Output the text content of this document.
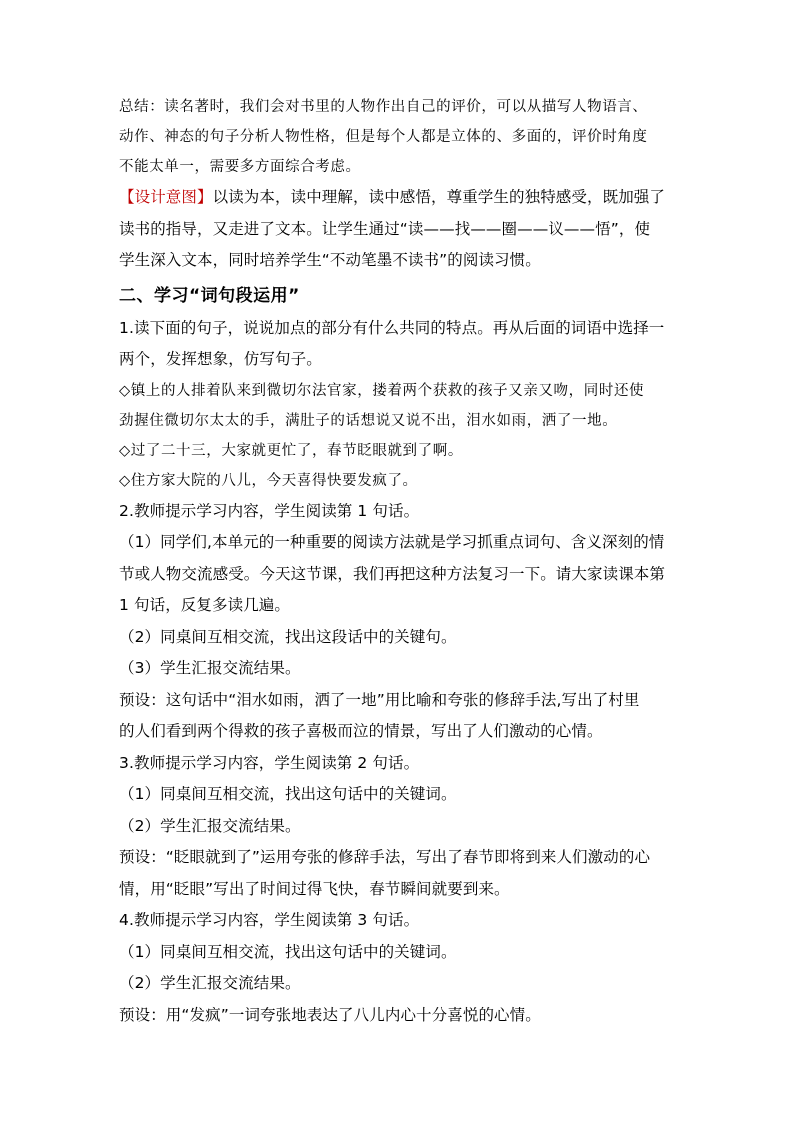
总结：读名著时，我们会对书里的人物作出自己的评价，可以从描写人物语言、

动作、神态的句子分析人物性格，但是每个人都是立体的、多面的，评价时角度

不能太单一，需要多方面综合考虑。

【设计意图】以读为本，读中理解，读中感悟，尊重学生的独特感受，既加强了

读书的指导，又走进了文本。让学生通过“读——找——圈——议——悟”，使

学生深入文本，同时培养学生“不动笔墨不读书”的阅读习惯。

二、学习“词句段运用”

1.读下面的句子，说说加点的部分有什么共同的特点。再从后面的词语中选择一

两个，发挥想象，仿写句子。

◇镇上的人排着队来到微切尔法官家，搂着两个获救的孩子又亲又吻，同时还使

劲握住微切尔太太的手，满肚子的话想说又说不出，泪水如雨，洒了一地。

◇过了二十三，大家就更忙了，春节眨眼就到了啊。

◇住方家大院的八儿，今天喜得快要发疯了。

2.教师提示学习内容，学生阅读第 1 句话。

（1）同学们,本单元的一种重要的阅读方法就是学习抓重点词句、含义深刻的情

节或人物交流感受。今天这节课，我们再把这种方法复习一下。请大家读课本第

1 句话，反复多读几遍。

（2）同桌间互相交流，找出这段话中的关键句。

（3）学生汇报交流结果。

预设：这句话中“泪水如雨，洒了一地”用比喻和夸张的修辞手法,写出了村里

的人们看到两个得救的孩子喜极而泣的情景，写出了人们激动的心情。

3.教师提示学习内容，学生阅读第 2 句话。

（1）同桌间互相交流，找出这句话中的关键词。

（2）学生汇报交流结果。

预设：“眨眼就到了”运用夸张的修辞手法，写出了春节即将到来人们激动的心

情，用“眨眼”写出了时间过得飞快，春节瞬间就要到来。

4.教师提示学习内容，学生阅读第 3 句话。

（1）同桌间互相交流，找出这句话中的关键词。

（2）学生汇报交流结果。

预设：用“发疯”一词夸张地表达了八儿内心十分喜悦的心情。
